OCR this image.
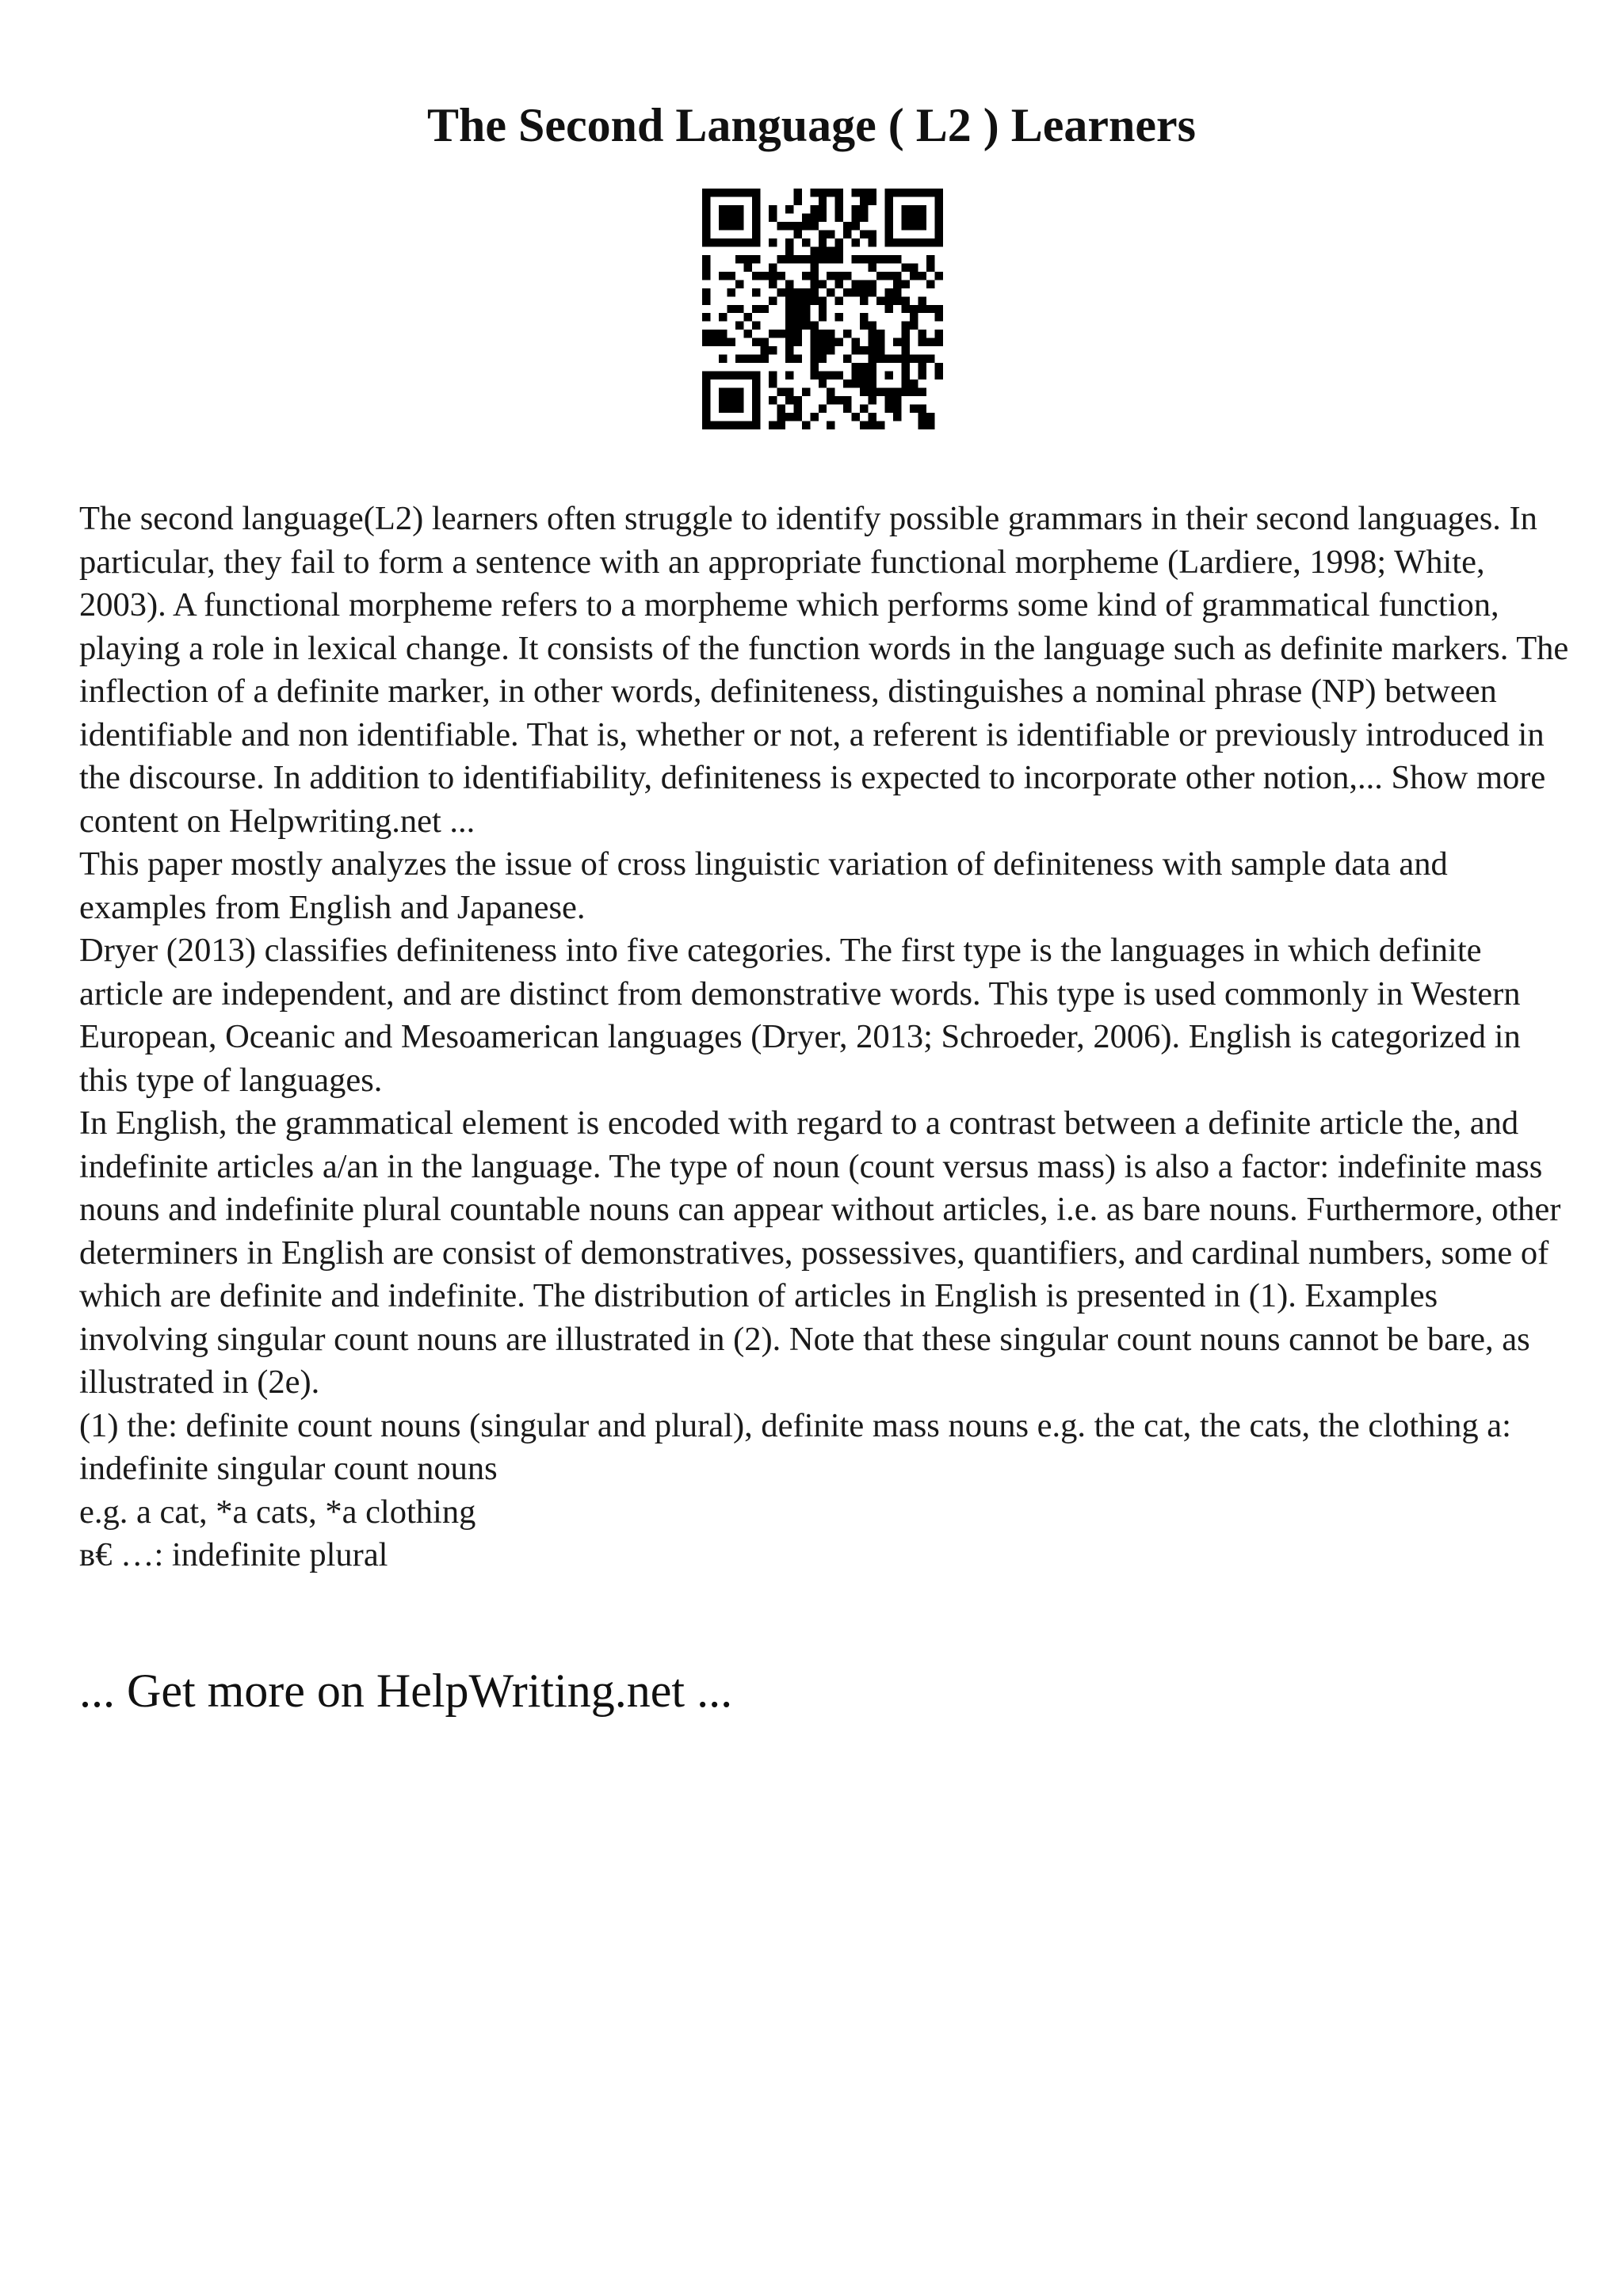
The Second Language ( L2 ) Learners

The second language(L2) learners often struggle to identify possible grammars in their second languages. In particular, they fail to form a sentence with an appropriate functional morpheme (Lardiere, 1998; White, 2003). A functional morpheme refers to a morpheme which performs some kind of grammatical function, playing a role in lexical change. It consists of the function words in the language such as definite markers. The inflection of a definite marker, in other words, definiteness, distinguishes a nominal phrase (NP) between identifiable and non identifiable. That is, whether or not, a referent is identifiable or previously introduced in the discourse. In addition to identifiability, definiteness is expected to incorporate other notion,... Show more content on Helpwriting.net ...

This paper mostly analyzes the issue of cross linguistic variation of definiteness with sample data and examples from English and Japanese.

Dryer (2013) classifies definiteness into five categories. The first type is the languages in which definite article are independent, and are distinct from demonstrative words. This type is used commonly in Western European, Oceanic and Mesoamerican languages (Dryer, 2013; Schroeder, 2006). English is categorized in this type of languages.

In English, the grammatical element is encoded with regard to a contrast between a definite article the, and indefinite articles a/an in the language. The type of noun (count versus mass) is also a factor: indefinite mass nouns and indefinite plural countable nouns can appear without articles, i.e. as bare nouns. Furthermore, other determiners in English are consist of demonstratives, possessives, quantifiers, and cardinal numbers, some of which are definite and indefinite. The distribution of articles in English is presented in (1). Examples involving singular count nouns are illustrated in (2). Note that these singular count nouns cannot be bare, as illustrated in (2e).

(1) the: definite count nouns (singular and plural), definite mass nouns e.g. the cat, the cats, the clothing a: indefinite singular count nouns

e.g. a cat, *a cats, *a clothing

в€ …: indefinite plural

... Get more on HelpWriting.net ...
